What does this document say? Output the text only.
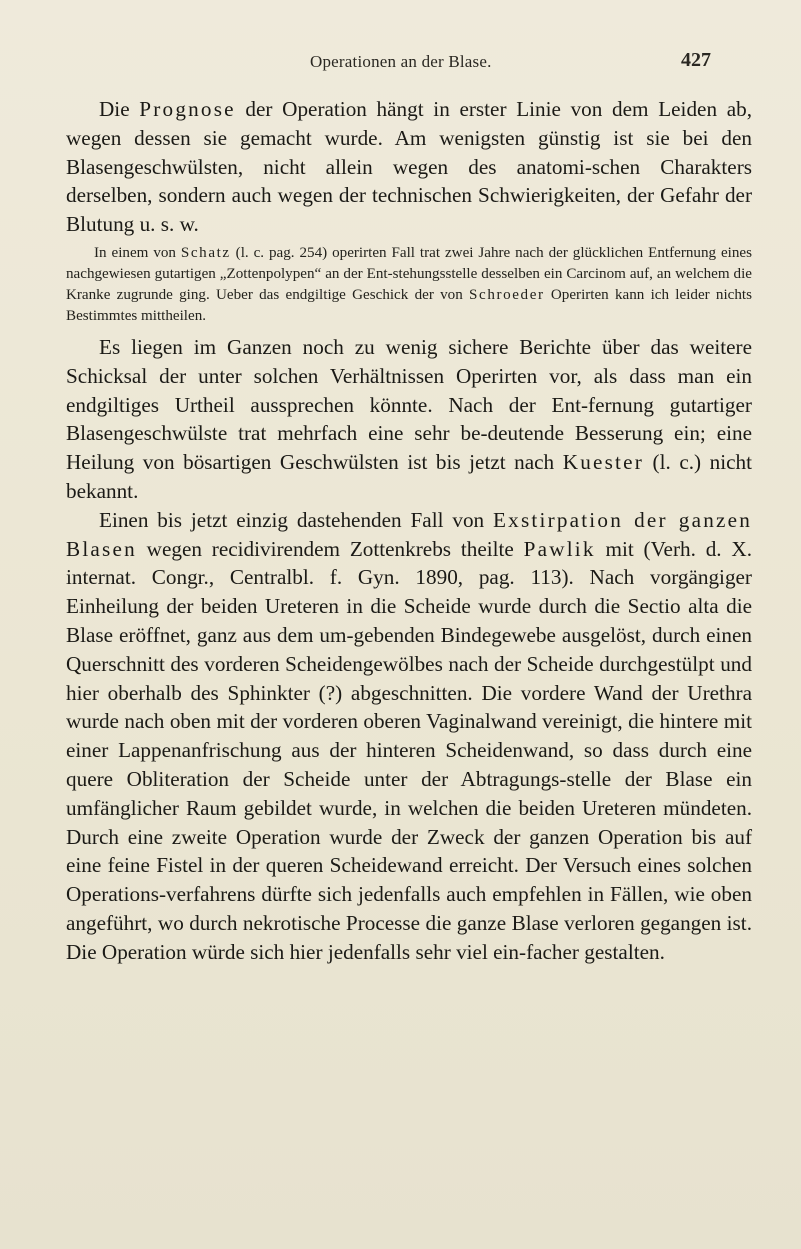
Operationen an der Blase.	427

Die Prognose der Operation hängt in erster Linie von dem Leiden ab, wegen dessen sie gemacht wurde. Am wenigsten günstig ist sie bei den Blasengeschwülsten, nicht allein wegen des anatomi-schen Charakters derselben, sondern auch wegen der technischen Schwierigkeiten, der Gefahr der Blutung u. s. w.

In einem von Schatz (l. c. pag. 254) operirten Fall trat zwei Jahre nach der glücklichen Entfernung eines nachgewiesen gutartigen „Zottenpolypen“ an der Ent-stehungsstelle desselben ein Carcinom auf, an welchem die Kranke zugrunde ging. Ueber das endgiltige Geschick der von Schroeder Operirten kann ich leider nichts Bestimmtes mittheilen.

Es liegen im Ganzen noch zu wenig sichere Berichte über das weitere Schicksal der unter solchen Verhältnissen Operirten vor, als dass man ein endgiltiges Urtheil aussprechen könnte. Nach der Ent-fernung gutartiger Blasengeschwülste trat mehrfach eine sehr be-deutende Besserung ein; eine Heilung von bösartigen Geschwülsten ist bis jetzt nach Kuester (l. c.) nicht bekannt.

Einen bis jetzt einzig dastehenden Fall von Exstirpation der ganzen Blasen wegen recidivirendem Zottenkrebs theilte Pawlik mit (Verh. d. X. internat. Congr., Centralbl. f. Gyn. 1890, pag. 113). Nach vorgängiger Einheilung der beiden Ureteren in die Scheide wurde durch die Sectio alta die Blase eröffnet, ganz aus dem um-gebenden Bindegewebe ausgelöst, durch einen Querschnitt des vorderen Scheidengewölbes nach der Scheide durchgestülpt und hier oberhalb des Sphinkter (?) abgeschnitten. Die vordere Wand der Urethra wurde nach oben mit der vorderen oberen Vaginalwand vereinigt, die hintere mit einer Lappenanfrischung aus der hinteren Scheidenwand, so dass durch eine quere Obliteration der Scheide unter der Abtragungs-stelle der Blase ein umfänglicher Raum gebildet wurde, in welchen die beiden Ureteren mündeten. Durch eine zweite Operation wurde der Zweck der ganzen Operation bis auf eine feine Fistel in der queren Scheidewand erreicht. Der Versuch eines solchen Operations-verfahrens dürfte sich jedenfalls auch empfehlen in Fällen, wie oben angeführt, wo durch nekrotische Processe die ganze Blase verloren gegangen ist. Die Operation würde sich hier jedenfalls sehr viel ein-facher gestalten.
